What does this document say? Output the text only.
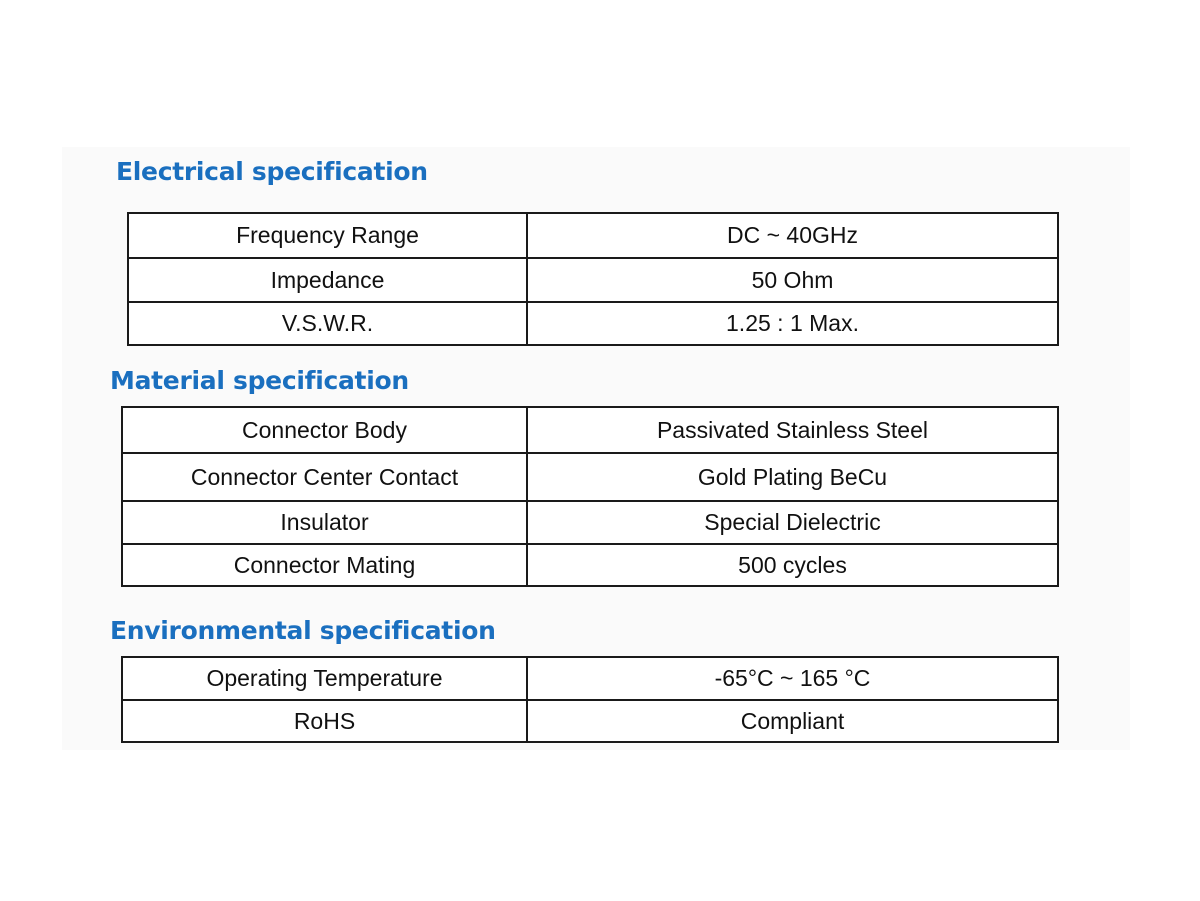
Electrical specification
Frequency Range	DC ~ 40GHz
Impedance	50 Ohm
V.S.W.R.	1.25 : 1 Max.
Material specification
Connector Body	Passivated Stainless Steel
Connector Center Contact	Gold Plating BeCu
Insulator	Special Dielectric
Connector Mating	500 cycles
Environmental specification
Operating Temperature	-65°C ~ 165 °C
RoHS	Compliant
